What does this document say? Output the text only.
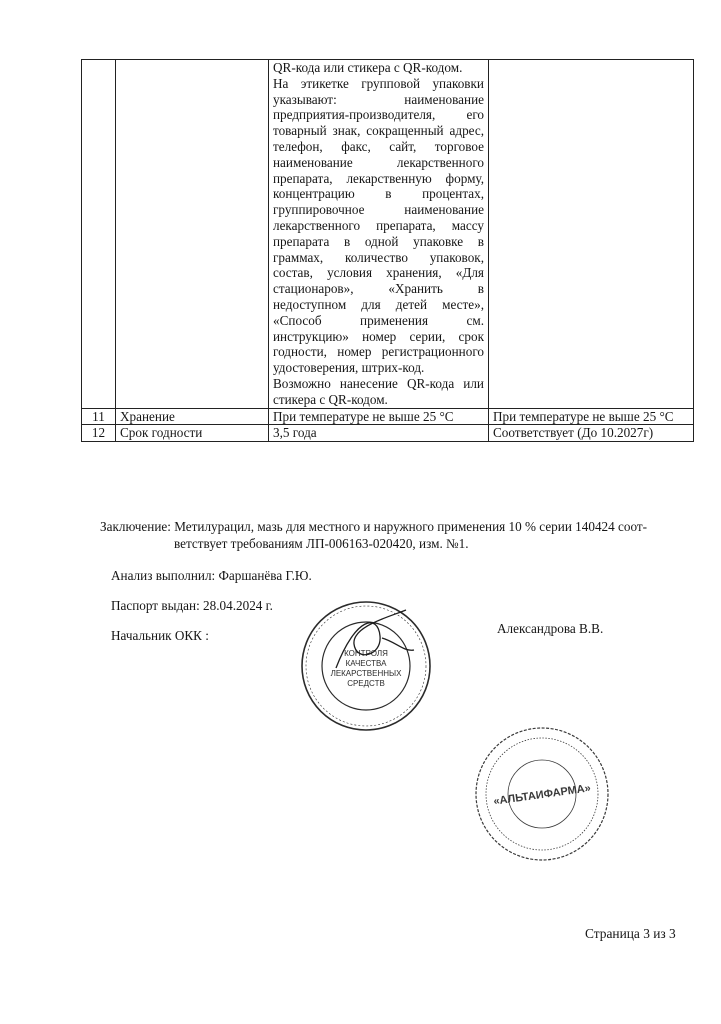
		QR-кода или стикера с QR-кодом.
На этикетке групповой упаковки указывают: наименование предприятия-производителя, его товарный знак, сокращенный адрес, телефон, факс, сайт, торговое наименование лекарственного препарата, лекарственную форму, концентрацию в процентах, группировочное наименование лекарственного препарата, массу препарата в одной упаковке в граммах, количество упаковок, состав, условия хранения, «Для стационаров», «Хранить в недоступном для детей месте», «Способ применения см. инструкцию» номер серии, срок годности, номер регистрационного удостоверения, штрих-код.
Возможно нанесение QR-кода или стикера с QR-кодом.	

11	Хранение	При температуре не выше 25 °С	При температуре не выше 25 °С
12	Срок годности	3,5 года	Соответствует (До 10.2027г)
Заключение: Метилурацил, мазь для местного и наружного применения 10 % серии 140424 соот-
ветствует требованиям ЛП-006163-020420, изм. №1.
Анализ выполнил: Фаршанёва Г.Ю.
Паспорт выдан: 28.04.2024 г.
Начальник ОКК :	Александрова В.В.
КОНТРОЛЯ
КАЧЕСТВА
ЛЕКАРСТВЕННЫХ
СРЕДСТВ
«АЛЬТАИФАРМА»
Страница 3 из 3
